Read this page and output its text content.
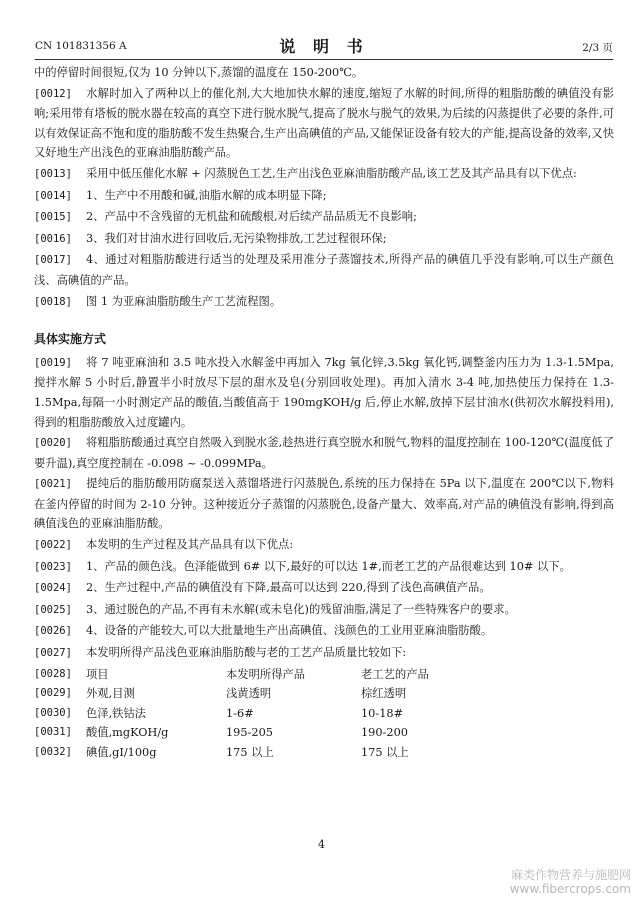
CN 101831356 A	说 明 书	2/3 页

中的停留时间很短,仅为 10 分钟以下,蒸馏的温度在 150-200℃。

[0012] 水解时加入了两种以上的催化剂,大大地加快水解的速度,缩短了水解的时间,所得的粗脂肪酸的碘值没有影响;采用带有塔板的脱水器在较高的真空下进行脱水脱气,提高了脱水与脱气的效果,为后续的闪蒸提供了必要的条件,可以有效保证高不饱和度的脂肪酸不发生热聚合,生产出高碘值的产品,又能保证设备有较大的产能,提高设备的效率,又快又好地生产出浅色的亚麻油脂肪酸产品。

[0013] 采用中低压催化水解 + 闪蒸脱色工艺,生产出浅色亚麻油脂肪酸产品,该工艺及其产品具有以下优点:

[0014] 1、生产中不用酸和碱,油脂水解的成本明显下降;

[0015] 2、产品中不含残留的无机盐和硫酸根,对后续产品品质无不良影响;

[0016] 3、我们对甘油水进行回收后,无污染物排放,工艺过程很环保;

[0017] 4、通过对粗脂肪酸进行适当的处理及采用准分子蒸馏技术,所得产品的碘值几乎没有影响,可以生产颜色浅、高碘值的产品。

[0018] 图 1 为亚麻油脂肪酸生产工艺流程图。

具体实施方式

[0019] 将 7 吨亚麻油和 3.5 吨水投入水解釜中再加入 7kg 氧化锌,3.5kg 氧化钙,调整釜内压力为 1.3-1.5Mpa,搅拌水解 5 小时后,静置半小时放尽下层的甜水及皂(分别回收处理)。再加入清水 3-4 吨,加热使压力保持在 1.3-1.5Mpa,每隔一小时测定产品的酸值,当酸值高于 190mgKOH/g 后,停止水解,放掉下层甘油水(供初次水解投料用),得到的粗脂肪酸放入过度罐内。

[0020] 将粗脂肪酸通过真空自然吸入到脱水釜,趁热进行真空脱水和脱气,物料的温度控制在 100-120℃(温度低了要升温),真空度控制在 -0.098 ~ -0.099MPa。

[0021] 提纯后的脂肪酸用防腐泵送入蒸馏塔进行闪蒸脱色,系统的压力保持在 5Pa 以下,温度在 200℃以下,物料在釜内停留的时间为 2-10 分钟。这种接近分子蒸馏的闪蒸脱色,设备产量大、效率高,对产品的碘值没有影响,得到高碘值浅色的亚麻油脂肪酸。

[0022] 本发明的生产过程及其产品具有以下优点:

[0023] 1、产品的颜色浅。色泽能做到 6# 以下,最好的可以达 1#,而老工艺的产品很难达到 10# 以下。

[0024] 2、生产过程中,产品的碘值没有下降,最高可以达到 220,得到了浅色高碘值产品。

[0025] 3、通过脱色的产品,不再有未水解(或未皂化)的残留油脂,满足了一些特殊客户的要求。

[0026] 4、设备的产能较大,可以大批量地生产出高碘值、浅颜色的工业用亚麻油脂肪酸。

[0027] 本发明所得产品浅色亚麻油脂肪酸与老的工艺产品质量比较如下:

[0028]	项目	本发明所得产品	老工艺的产品
[0029]	外观,目测	浅黄透明	棕红透明
[0030]	色泽,铁钴法	1-6#	10-18#
[0031]	酸值,mgKOH/g	195-205	190-200
[0032]	碘值,gI/100g	175 以上	175 以上
4
麻类作物营养与施肥网
www.fibercrops.com
